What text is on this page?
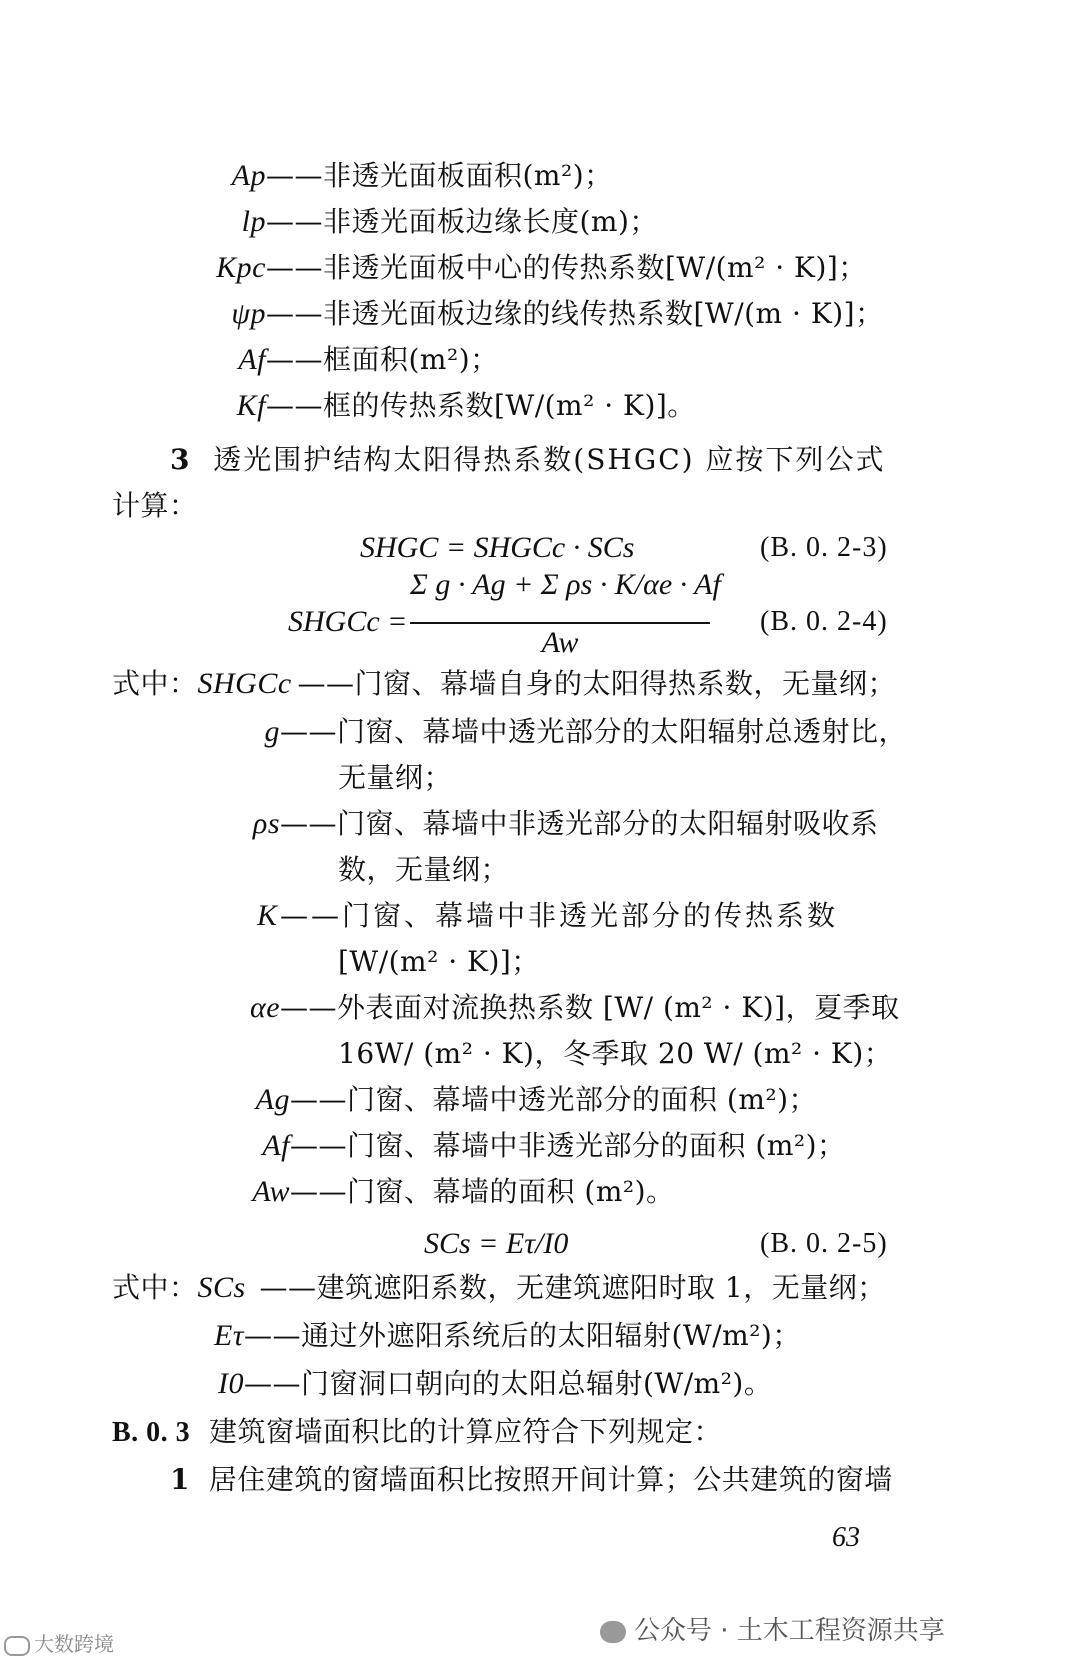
Ap——非透光面板面积(m²)；
lp——非透光面板边缘长度(m)；
Kpc——非透光面板中心的传热系数[W/(m² · K)]；
ψp——非透光面板边缘的线传热系数[W/(m · K)]；
Af——框面积(m²)；
Kf——框的传热系数[W/(m² · K)]。
3 透光围护结构太阳得热系数(SHGC) 应按下列公式
计算：
SHGC = SHGCc · SCs	(B. 0. 2-3)
SHGCc =
Σ g · Ag + Σ ρs · K/αe · Af
Aw
(B. 0. 2-4)
式中：SHGCc ——门窗、幕墙自身的太阳得热系数，无量纲；
g——门窗、幕墙中透光部分的太阳辐射总透射比，
无量纲；
ρs——门窗、幕墙中非透光部分的太阳辐射吸收系
数，无量纲；
K——门窗、幕墙中非透光部分的传热系数
[W/(m² · K)]；
αe——外表面对流换热系数 [W/ (m² · K)]，夏季取
16W/ (m² · K)，冬季取 20 W/ (m² · K)；
Ag——门窗、幕墙中透光部分的面积 (m²)；
Af——门窗、幕墙中非透光部分的面积 (m²)；
Aw——门窗、幕墙的面积 (m²)。
SCs = Eτ/I0	(B. 0. 2-5)
式中：SCs ——建筑遮阳系数，无建筑遮阳时取 1，无量纲；
Eτ——通过外遮阳系统后的太阳辐射(W/m²)；
I0——门窗洞口朝向的太阳总辐射(W/m²)。
B. 0. 3 建筑窗墙面积比的计算应符合下列规定：
1 居住建筑的窗墙面积比按照开间计算；公共建筑的窗墙
63
大数跨境	公众号 · 土木工程资源共享
